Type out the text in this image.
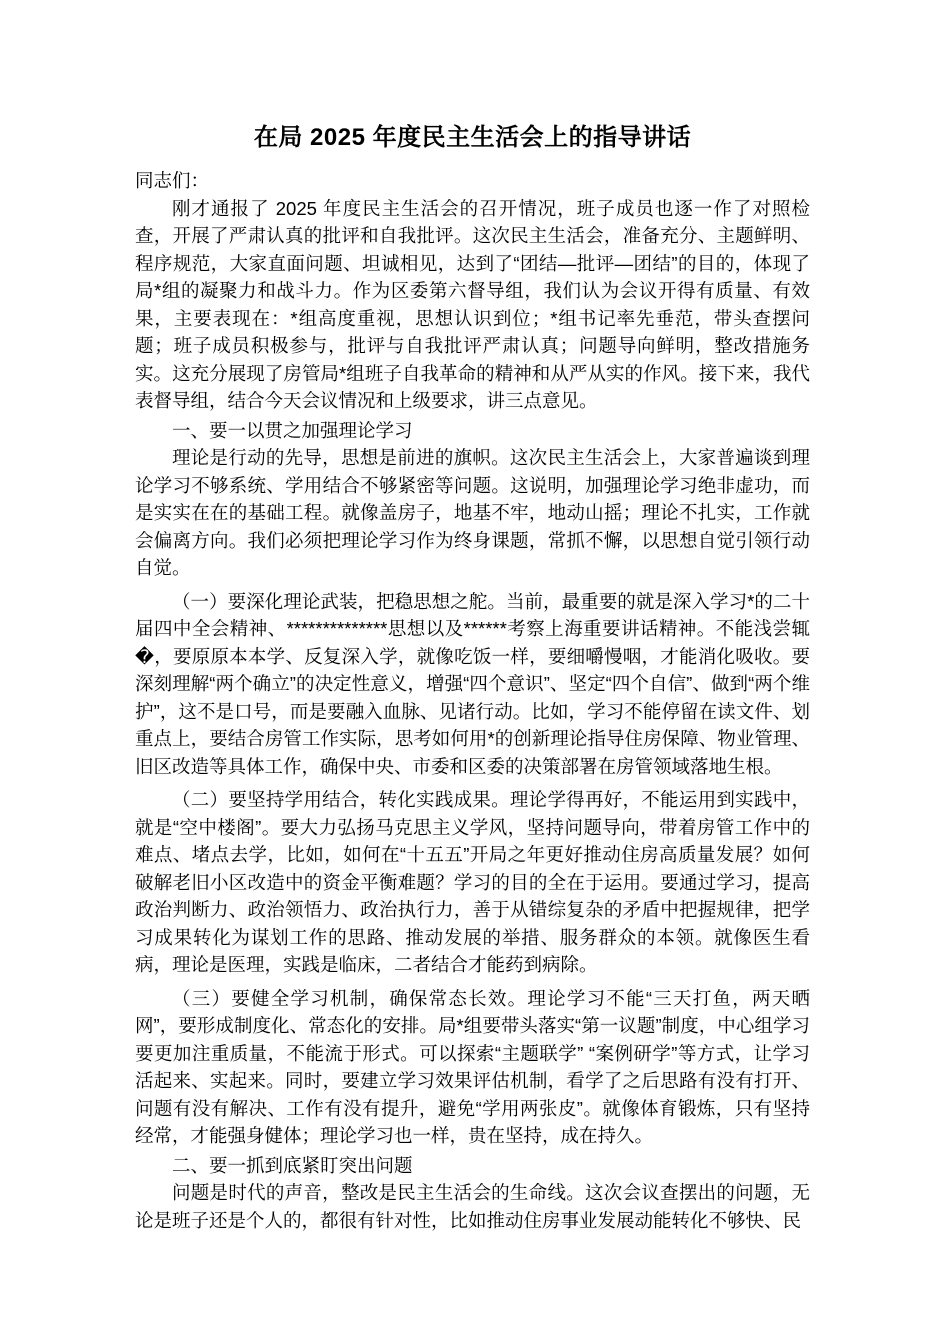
在局 2025 年度民主生活会上的指导讲话

同志们：

刚才通报了 2025 年度民主生活会的召开情况，班子成员也逐一作了对照检查，开展了严肃认真的批评和自我批评。这次民主生活会，准备充分、主题鲜明、程序规范，大家直面问题、坦诚相见，达到了“团结—批评—团结”的目的，体现了局*组的凝聚力和战斗力。作为区委第六督导组，我们认为会议开得有质量、有效果，主要表现在：*组高度重视，思想认识到位；*组书记率先垂范，带头查摆问题；班子成员积极参与，批评与自我批评严肃认真；问题导向鲜明，整改措施务实。这充分展现了房管局*组班子自我革命的精神和从严从实的作风。接下来，我代表督导组，结合今天会议情况和上级要求，讲三点意见。

一、要一以贯之加强理论学习

理论是行动的先导，思想是前进的旗帜。这次民主生活会上，大家普遍谈到理论学习不够系统、学用结合不够紧密等问题。这说明，加强理论学习绝非虚功，而是实实在在的基础工程。就像盖房子，地基不牢，地动山摇；理论不扎实，工作就会偏离方向。我们必须把理论学习作为终身课题，常抓不懈，以思想自觉引领行动自觉。

（一）要深化理论武装，把稳思想之舵。当前，最重要的就是深入学习*的二十届四中全会精神、**************思想以及******考察上海重要讲话精神。不能浅尝辄�，要原原本本学、反复深入学，就像吃饭一样，要细嚼慢咽，才能消化吸收。要深刻理解“两个确立”的决定性意义，增强“四个意识”、坚定“四个自信”、做到“两个维护”，这不是口号，而是要融入血脉、见诸行动。比如，学习不能停留在读文件、划重点上，要结合房管工作实际，思考如何用*的创新理论指导住房保障、物业管理、旧区改造等具体工作，确保中央、市委和区委的决策部署在房管领域落地生根。

（二）要坚持学用结合，转化实践成果。理论学得再好，不能运用到实践中，就是“空中楼阁”。要大力弘扬马克思主义学风，坚持问题导向，带着房管工作中的难点、堵点去学，比如，如何在“十五五”开局之年更好推动住房高质量发展？如何破解老旧小区改造中的资金平衡难题？学习的目的全在于运用。要通过学习，提高政治判断力、政治领悟力、政治执行力，善于从错综复杂的矛盾中把握规律，把学习成果转化为谋划工作的思路、推动发展的举措、服务群众的本领。就像医生看病，理论是医理，实践是临床，二者结合才能药到病除。

（三）要健全学习机制，确保常态长效。理论学习不能“三天打鱼，两天晒网”，要形成制度化、常态化的安排。局*组要带头落实“第一议题”制度，中心组学习要更加注重质量，不能流于形式。可以探索“主题联学” “案例研学”等方式，让学习活起来、实起来。同时，要建立学习效果评估机制，看学了之后思路有没有打开、问题有没有解决、工作有没有提升，避免“学用两张皮”。就像体育锻炼，只有坚持经常，才能强身健体；理论学习也一样，贵在坚持，成在持久。

二、要一抓到底紧盯突出问题

问题是时代的声音，整改是民主生活会的生命线。这次会议查摆出的问题，无论是班子还是个人的，都很有针对性，比如推动住房事业发展动能转化不够快、民
